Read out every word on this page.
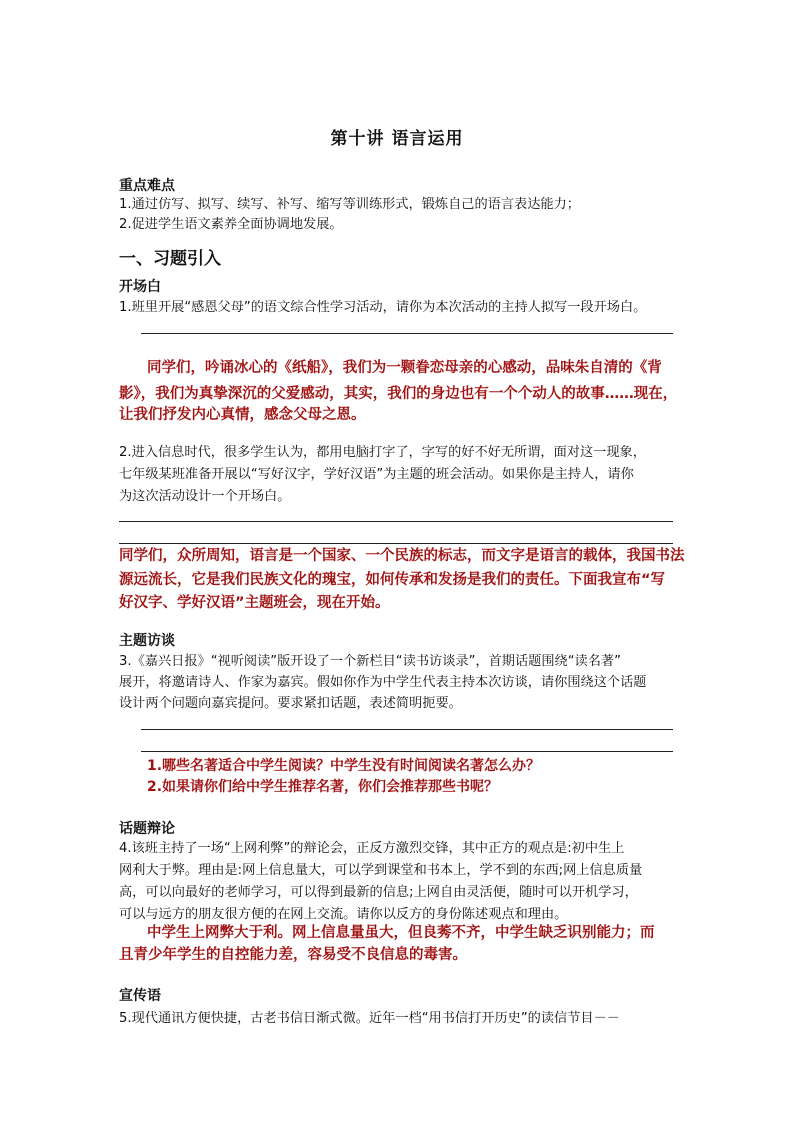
第十讲 语言运用
重点难点
1.通过仿写、拟写、续写、补写、缩写等训练形式，锻炼自己的语言表达能力；
2.促进学生语文素养全面协调地发展。
一、习题引入
开场白
1.班里开展“感恩父母”的语文综合性学习活动，请你为本次活动的主持人拟写一段开场白。
同学们，吟诵冰心的《纸船》，我们为一颗眷恋母亲的心感动，品味朱自清的《背
影》，我们为真挚深沉的父爱感动，其实，我们的身边也有一个个动人的故事……现在，
让我们抒发内心真情，感念父母之恩。
2.进入信息时代，很多学生认为，都用电脑打字了，字写的好不好无所谓，面对这一现象，
七年级某班准备开展以“写好汉字，学好汉语”为主题的班会活动。如果你是主持人，请你
为这次活动设计一个开场白。
同学们，众所周知，语言是一个国家、一个民族的标志，而文字是语言的载体，我国书法
源远流长，它是我们民族文化的瑰宝，如何传承和发扬是我们的责任。下面我宣布“写
好汉字、学好汉语”主题班会，现在开始。
主题访谈
3.《嘉兴日报》“视听阅读”版开设了一个新栏目“读书访谈录”，首期话题围绕“读名著”
展开，将邀请诗人、作家为嘉宾。假如你作为中学生代表主持本次访谈，请你围绕这个话题
设计两个问题向嘉宾提问。要求紧扣话题，表述简明扼要。
1.哪些名著适合中学生阅读？中学生没有时间阅读名著怎么办？
2.如果请你们给中学生推荐名著，你们会推荐那些书呢？
话题辩论
4.该班主持了一场“上网利弊”的辩论会，正反方激烈交锋，其中正方的观点是:初中生上
网利大于弊。理由是:网上信息量大，可以学到课堂和书本上，学不到的东西;网上信息质量
高，可以向最好的老师学习，可以得到最新的信息;上网自由灵活便，随时可以开机学习，
可以与远方的朋友很方便的在网上交流。请你以反方的身份陈述观点和理由。
中学生上网弊大于利。网上信息量虽大，但良莠不齐，中学生缺乏识别能力；而
且青少年学生的自控能力差，容易受不良信息的毒害。
宣传语
5.现代通讯方便快捷，古老书信日渐式微。近年一档“用书信打开历史”的读信节目－－
